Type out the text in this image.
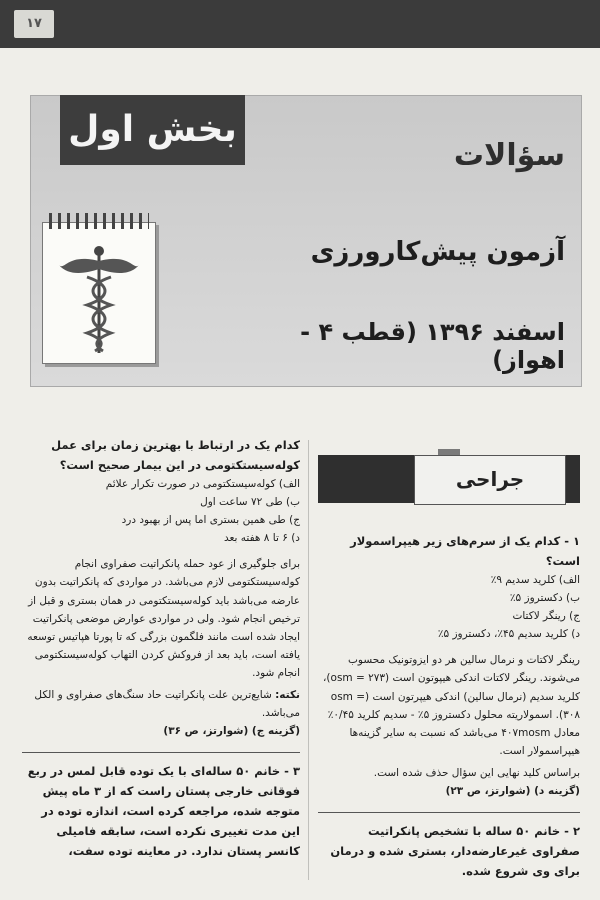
۱۷
بخش اول
سؤالات
آزمون پیش‌کارورزی
اسفند ۱۳۹۶ (قطب ۴ - اهواز)
جراحی
۱ - کدام یک از سرم‌های زیر هیپراسمولار است؟

الف) کلرید سدیم ۹٪

ب) دکستروز ۵٪

ج) رینگر لاکتات

د) کلرید سدیم ۴۵٪، دکستروز ۵٪

رینگر لاکتات و نرمال سالین هر دو ایزوتونیک محسوب می‌شوند. رینگر لاکتات اندکی هیپوتون است (osm = ۲۷۳)، کلرید سدیم (نرمال سالین) اندکی هیپرتون است (osm = ۳۰۸). اسمولاریته محلول دکستروز ۵٪ - سدیم کلرید ۰/۴۵٪ معادل ۴۰۷mosm می‌باشد که نسبت به سایر گزینه‌ها هیپراسمولار است.

براساس کلید نهایی این سؤال حذف شده است.

(گزینه د) (شوارتز، ص ۲۳)

۲ - خانم ۵۰ ساله با تشخیص پانکراتیت صفراوی غیرعارضه‌دار، بستری شده و درمان برای وی شروع شده.
کدام یک در ارتباط با بهترین زمان برای عمل کوله‌سیستکتومی در این بیمار صحیح است؟

الف) کوله‌سیستکتومی در صورت تکرار علائم

ب) طی ۷۲ ساعت اول

ج) طی همین بستری اما پس از بهبود درد

د) ۶ تا ۸ هفته بعد

برای جلوگیری از عود حمله پانکراتیت صفراوی انجام کوله‌سیستکتومی لازم می‌باشد. در مواردی که پانکراتیت بدون عارضه می‌باشد باید کوله‌سیستکتومی در همان بستری و قبل از ترخیص انجام شود. ولی در مواردی عوارض موضعی پانکراتیت ایجاد شده است مانند فلگمون بزرگی که تا پورتا هپاتیس توسعه یافته است، باید بعد از فروکش کردن التهاب کوله‌سیستکتومی انجام شود.

نکته: شایع‌ترین علت پانکراتیت حاد سنگ‌های صفراوی و الکل می‌باشد.

(گزینه ج) (شوارتز، ص ۳۶)

۳ - خانم ۵۰ ساله‌ای با یک توده قابل لمس در ربع فوقانی خارجی پستان راست که از ۳ ماه پیش متوجه شده، مراجعه کرده است، اندازه توده در این مدت تغییری نکرده است، سابقه فامیلی کانسر پستان ندارد. در معاینه توده سفت،
